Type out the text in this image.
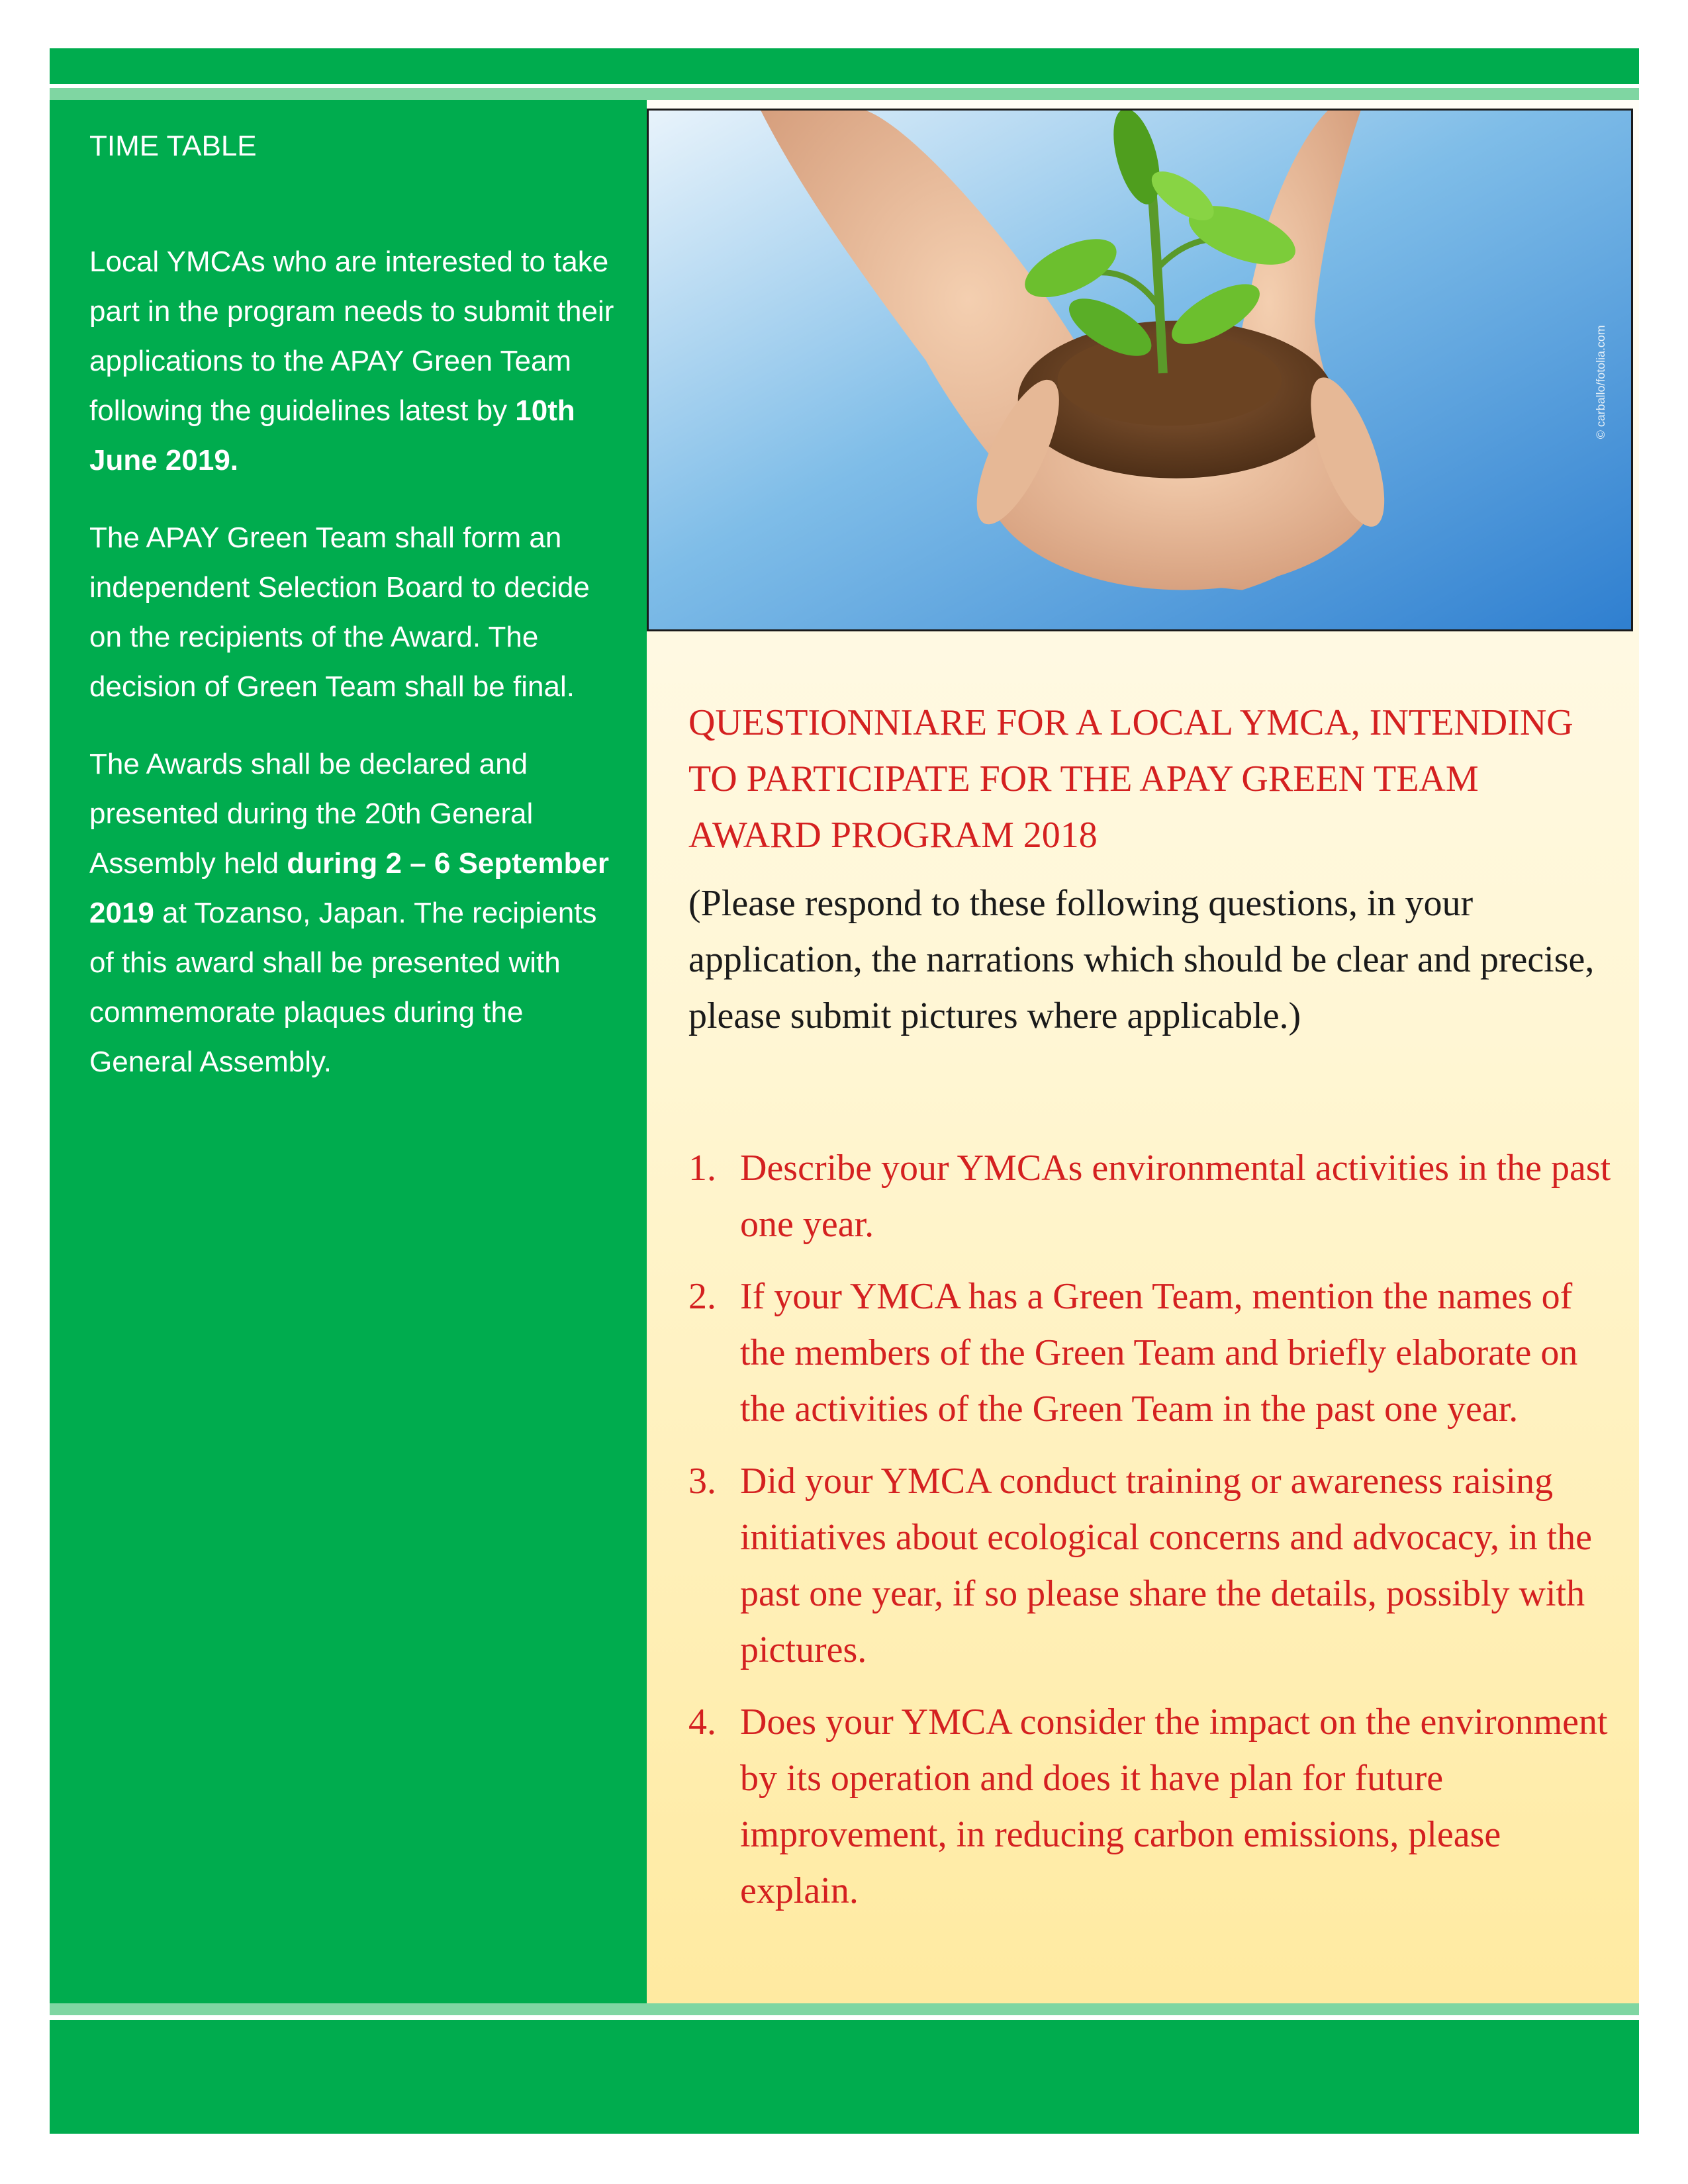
TIME TABLE

Local YMCAs who are interested to take part in the program needs to submit their applications to the APAY Green Team following the guidelines latest by 10th June 2019.

The APAY Green Team shall form an independent Selection Board to decide on the recipients of the Award. The decision of Green Team shall be final.

The Awards shall be declared and presented during the 20th General Assembly held during 2 – 6 September 2019 at Tozanso, Japan. The recipients of this award shall be presented with commemorate plaques during the General Assembly.

© carballo/fotolia.com

QUESTIONNIARE FOR A LOCAL YMCA, INTENDING TO PARTICIPATE FOR THE APAY GREEN TEAM AWARD PROGRAM 2018

(Please respond to these following questions, in your application, the narrations which should be clear and precise, please submit pictures where applicable.)

1. Describe your YMCAs environmental activities in the past one year.
2. If your YMCA has a Green Team, mention the names of the members of the Green Team and briefly elaborate on the activities of the Green Team in the past one year.
3. Did your YMCA conduct training or awareness raising initiatives about ecological concerns and advocacy, in the past one year, if so please share the details, possibly with pictures.
4. Does your YMCA consider the impact on the environment by its operation and does it have plan for future improvement, in reducing carbon emissions, please explain.
